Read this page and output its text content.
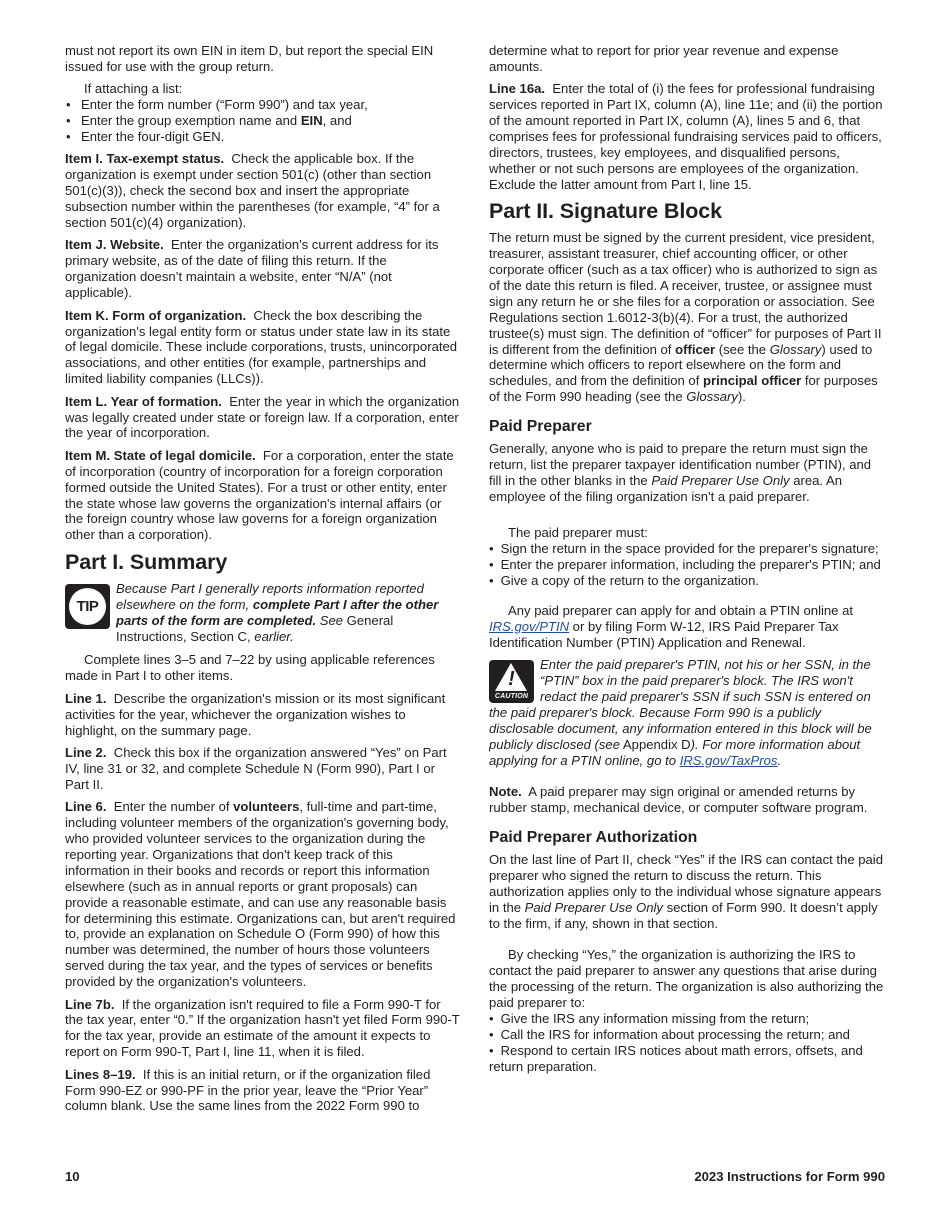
must not report its own EIN in item D, but report the special EIN issued for use with the group return.

If attaching a list:

• Enter the form number (“Form 990”) and tax year,
• Enter the group exemption name and EIN, and
• Enter the four-digit GEN.

Item I. Tax-exempt status. Check the applicable box. If the organization is exempt under section 501(c) (other than section 501(c)(3)), check the second box and insert the appropriate subsection number within the parentheses (for example, “4” for a section 501(c)(4) organization).

Item J. Website. Enter the organization's current address for its primary website, as of the date of filing this return. If the organization doesn’t maintain a website, enter “N/A” (not applicable).

Item K. Form of organization. Check the box describing the organization's legal entity form or status under state law in its state of legal domicile. These include corporations, trusts, unincorporated associations, and other entities (for example, partnerships and limited liability companies (LLCs)).

Item L. Year of formation. Enter the year in which the organization was legally created under state or foreign law. If a corporation, enter the year of incorporation.

Item M. State of legal domicile. For a corporation, enter the state of incorporation (country of incorporation for a foreign corporation formed outside the United States). For a trust or other entity, enter the state whose law governs the organization's internal affairs (or the foreign country whose law governs for a foreign organization other than a corporation).

Part I. Summary
TIP
Because Part I generally reports information reported elsewhere on the form, complete Part I after the other parts of the form are completed. See General Instructions, Section C, earlier.

Complete lines 3–5 and 7–22 by using applicable references made in Part I to other items.

Line 1. Describe the organization's mission or its most significant activities for the year, whichever the organization wishes to highlight, on the summary page.

Line 2. Check this box if the organization answered “Yes” on Part IV, line 31 or 32, and complete Schedule N (Form 990), Part I or Part II.

Line 6. Enter the number of volunteers, full-time and part-time, including volunteer members of the organization's governing body, who provided volunteer services to the organization during the reporting year. Organizations that don't keep track of this information in their books and records or report this information elsewhere (such as in annual reports or grant proposals) can provide a reasonable estimate, and can use any reasonable basis for determining this estimate. Organizations can, but aren't required to, provide an explanation on Schedule O (Form 990) of how this number was determined, the number of hours those volunteers served during the tax year, and the types of services or benefits provided by the organization's volunteers.

Line 7b. If the organization isn't required to file a Form 990-T for the tax year, enter “0.” If the organization hasn't yet filed Form 990-T for the tax year, provide an estimate of the amount it expects to report on Form 990-T, Part I, line 11, when it is filed.

Lines 8–19. If this is an initial return, or if the organization filed Form 990-EZ or 990-PF in the prior year, leave the “Prior Year” column blank. Use the same lines from the 2022 Form 990 to

determine what to report for prior year revenue and expense amounts.

Line 16a. Enter the total of (i) the fees for professional fundraising services reported in Part IX, column (A), line 11e; and (ii) the portion of the amount reported in Part IX, column (A), lines 5 and 6, that comprises fees for professional fundraising services paid to officers, directors, trustees, key employees, and disqualified persons, whether or not such persons are employees of the organization. Exclude the latter amount from Part I, line 15.

Part II. Signature Block

The return must be signed by the current president, vice president, treasurer, assistant treasurer, chief accounting officer, or other corporate officer (such as a tax officer) who is authorized to sign as of the date this return is filed. A receiver, trustee, or assignee must sign any return he or she files for a corporation or association. See Regulations section 1.6012-3(b)(4). For a trust, the authorized trustee(s) must sign. The definition of “officer” for purposes of Part II is different from the definition of officer (see the Glossary) used to determine which officers to report elsewhere on the form and schedules, and from the definition of principal officer for purposes of the Form 990 heading (see the Glossary).

Paid Preparer

Generally, anyone who is paid to prepare the return must sign the return, list the preparer taxpayer identification number (PTIN), and fill in the other blanks in the Paid Preparer Use Only area. An employee of the filing organization isn't a paid preparer.

The paid preparer must:

• Sign the return in the space provided for the preparer's signature;
• Enter the preparer information, including the preparer's PTIN; and
• Give a copy of the return to the organization.

Any paid preparer can apply for and obtain a PTIN online at IRS.gov/PTIN or by filing Form W-12, IRS Paid Preparer Tax Identification Number (PTIN) Application and Renewal.

!
CAUTION
Enter the paid preparer's PTIN, not his or her SSN, in the “PTIN” box in the paid preparer's block. The IRS won't redact the paid preparer's SSN if such SSN is entered on the paid preparer's block. Because Form 990 is a publicly disclosable document, any information entered in this block will be publicly disclosed (see Appendix D). For more information about applying for a PTIN online, go to IRS.gov/TaxPros.

Note. A paid preparer may sign original or amended returns by rubber stamp, mechanical device, or computer software program.

Paid Preparer Authorization

On the last line of Part II, check “Yes” if the IRS can contact the paid preparer who signed the return to discuss the return. This authorization applies only to the individual whose signature appears in the Paid Preparer Use Only section of Form 990. It doesn’t apply to the firm, if any, shown in that section.

By checking “Yes,” the organization is authorizing the IRS to contact the paid preparer to answer any questions that arise during the processing of the return. The organization is also authorizing the paid preparer to:

• Give the IRS any information missing from the return;
• Call the IRS for information about processing the return; and
• Respond to certain IRS notices about math errors, offsets, and return preparation.
10	2023 Instructions for Form 990
